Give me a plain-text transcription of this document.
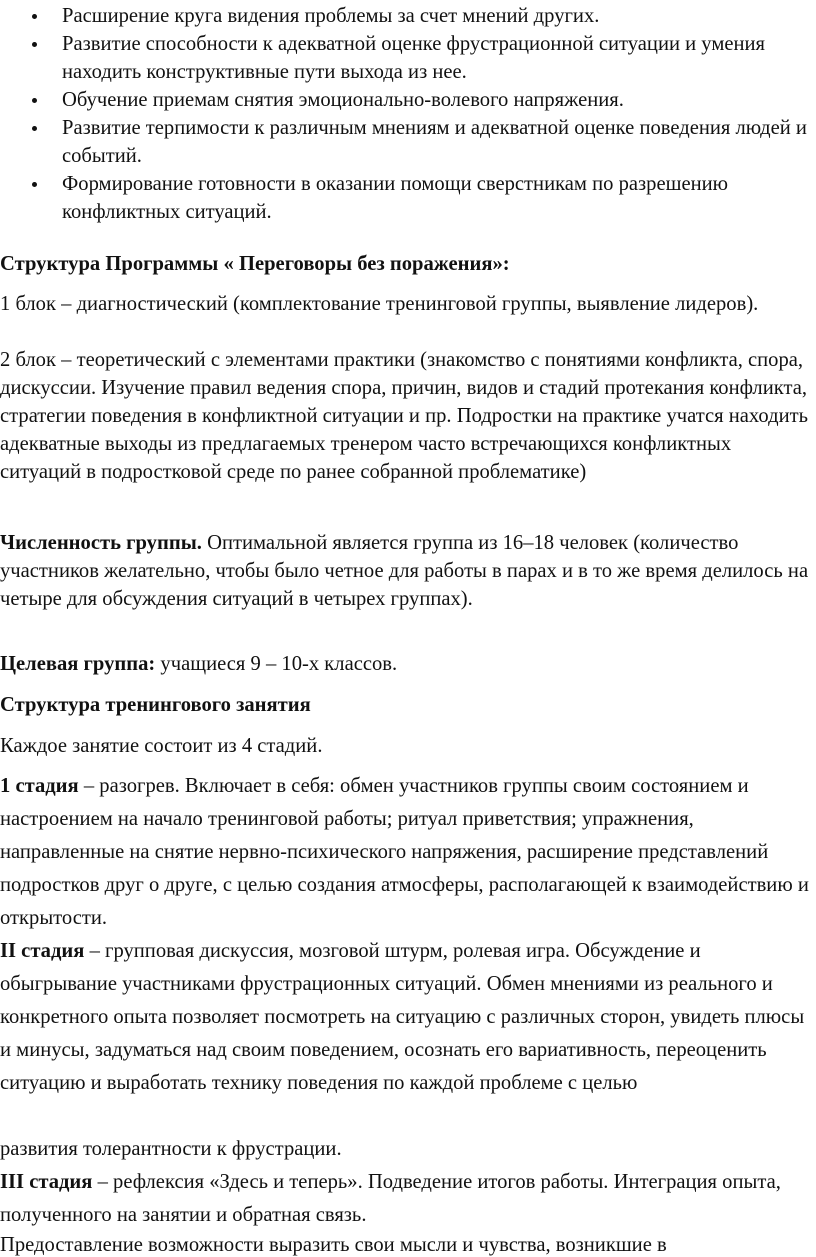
Расширение круга видения проблемы за счет мнений других.
Развитие способности к адекватной оценке фрустрационной ситуации и умения находить конструктивные пути выхода из нее.
Обучение приемам снятия эмоционально-волевого напряжения.
Развитие терпимости к различным мнениям и адекватной оценке поведения людей и событий.
Формирование готовности в оказании помощи сверстникам по разрешению конфликтных ситуаций.
Структура Программы « Переговоры без поражения»:
1 блок – диагностический (комплектование тренинговой группы, выявление лидеров).
2 блок – теоретический с элементами практики (знакомство с понятиями конфликта, спора, дискуссии. Изучение правил ведения спора, причин, видов и стадий протекания конфликта, стратегии поведения в конфликтной ситуации и пр. Подростки на практике учатся находить адекватные выходы из предлагаемых тренером часто встречающихся конфликтных ситуаций в подростковой среде по ранее собранной проблематике)
Численность группы. Оптимальной является группа из 16–18 человек (количество участников желательно, чтобы было четное для работы в парах и в то же время делилось на четыре для обсуждения ситуаций в четырех группах).
Целевая группа: учащиеся 9 – 10-х классов.
Структура тренингового занятия
Каждое занятие состоит из 4 стадий.
1 стадия – разогрев. Включает в себя: обмен участников группы своим состоянием и настроением на начало тренинговой работы; ритуал приветствия; упражнения, направленные на снятие нервно-психического напряжения, расширение представлений подростков друг о друге, с целью создания атмосферы, располагающей к взаимодействию и открытости.
II стадия – групповая дискуссия, мозговой штурм, ролевая игра. Обсуждение и обыгрывание участниками фрустрационных ситуаций. Обмен мнениями из реального и конкретного опыта позволяет посмотреть на ситуацию с различных сторон, увидеть плюсы и минусы, задуматься над своим поведением, осознать его вариативность, переоценить ситуацию и выработать технику поведения по каждой проблеме с целью
развития толерантности к фрустрации.
III стадия – рефлексия «Здесь и теперь». Подведение итогов работы. Интеграция опыта, полученного на занятии и обратная связь.
Предоставление возможности выразить свои мысли и чувства, возникшие в
